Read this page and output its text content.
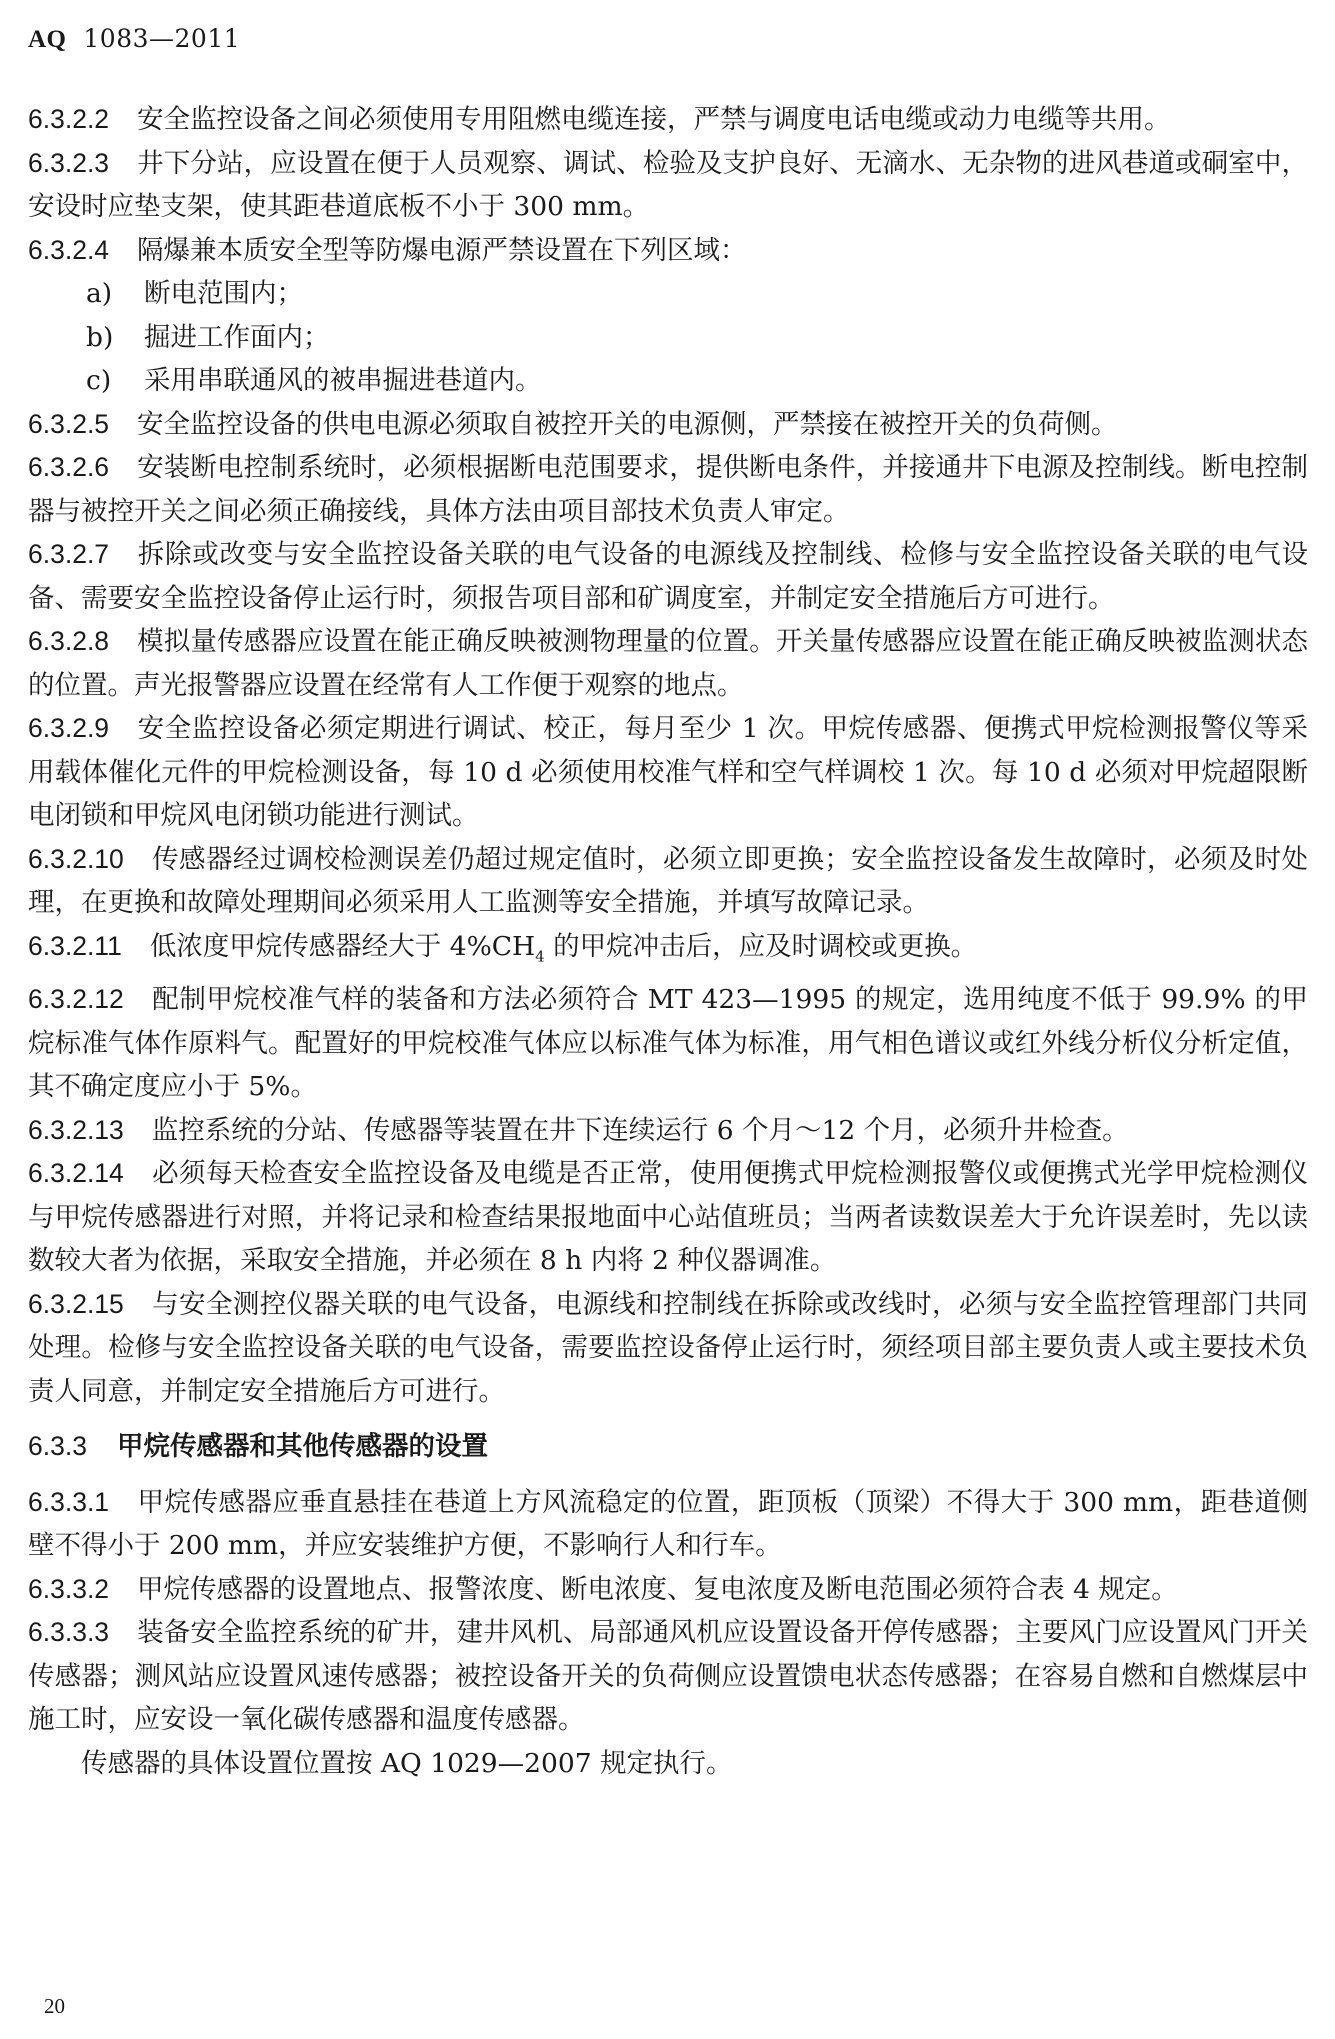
AQ 1083—2011

6.3.2.2 安全监控设备之间必须使用专用阻燃电缆连接，严禁与调度电话电缆或动力电缆等共用。

6.3.2.3 井下分站，应设置在便于人员观察、调试、检验及支护良好、无滴水、无杂物的进风巷道或硐室中，安设时应垫支架，使其距巷道底板不小于 300 mm。

6.3.2.4 隔爆兼本质安全型等防爆电源严禁设置在下列区域：

a) 断电范围内；

b) 掘进工作面内；

c) 采用串联通风的被串掘进巷道内。

6.3.2.5 安全监控设备的供电电源必须取自被控开关的电源侧，严禁接在被控开关的负荷侧。

6.3.2.6 安装断电控制系统时，必须根据断电范围要求，提供断电条件，并接通井下电源及控制线。断电控制器与被控开关之间必须正确接线，具体方法由项目部技术负责人审定。

6.3.2.7 拆除或改变与安全监控设备关联的电气设备的电源线及控制线、检修与安全监控设备关联的电气设备、需要安全监控设备停止运行时，须报告项目部和矿调度室，并制定安全措施后方可进行。

6.3.2.8 模拟量传感器应设置在能正确反映被测物理量的位置。开关量传感器应设置在能正确反映被监测状态的位置。声光报警器应设置在经常有人工作便于观察的地点。

6.3.2.9 安全监控设备必须定期进行调试、校正，每月至少 1 次。甲烷传感器、便携式甲烷检测报警仪等采用载体催化元件的甲烷检测设备，每 10 d 必须使用校准气样和空气样调校 1 次。每 10 d 必须对甲烷超限断电闭锁和甲烷风电闭锁功能进行测试。

6.3.2.10 传感器经过调校检测误差仍超过规定值时，必须立即更换；安全监控设备发生故障时，必须及时处理，在更换和故障处理期间必须采用人工监测等安全措施，并填写故障记录。

6.3.2.11 低浓度甲烷传感器经大于 $4\%CH_4$ 的甲烷冲击后，应及时调校或更换。

6.3.2.12 配制甲烷校准气样的装备和方法必须符合 MT 423—1995 的规定，选用纯度不低于 99.9% 的甲烷标准气体作原料气。配置好的甲烷校准气体应以标准气体为标准，用气相色谱议或红外线分析仪分析定值，其不确定度应小于 5%。

6.3.2.13 监控系统的分站、传感器等装置在井下连续运行 6 个月～12 个月，必须升井检查。

6.3.2.14 必须每天检查安全监控设备及电缆是否正常，使用便携式甲烷检测报警仪或便携式光学甲烷检测仪与甲烷传感器进行对照，并将记录和检查结果报地面中心站值班员；当两者读数误差大于允许误差时，先以读数较大者为依据，采取安全措施，并必须在 8 h 内将 2 种仪器调准。

6.3.2.15 与安全测控仪器关联的电气设备，电源线和控制线在拆除或改线时，必须与安全监控管理部门共同处理。检修与安全监控设备关联的电气设备，需要监控设备停止运行时，须经项目部主要负责人或主要技术负责人同意，并制定安全措施后方可进行。

6.3.3 甲烷传感器和其他传感器的设置

6.3.3.1 甲烷传感器应垂直悬挂在巷道上方风流稳定的位置，距顶板（顶梁）不得大于 300 mm，距巷道侧壁不得小于 200 mm，并应安装维护方便，不影响行人和行车。

6.3.3.2 甲烷传感器的设置地点、报警浓度、断电浓度、复电浓度及断电范围必须符合表 4 规定。

6.3.3.3 装备安全监控系统的矿井，建井风机、局部通风机应设置设备开停传感器；主要风门应设置风门开关传感器；测风站应设置风速传感器；被控设备开关的负荷侧应设置馈电状态传感器；在容易自燃和自燃煤层中施工时，应安设一氧化碳传感器和温度传感器。

传感器的具体设置位置按 AQ 1029—2007 规定执行。

20
